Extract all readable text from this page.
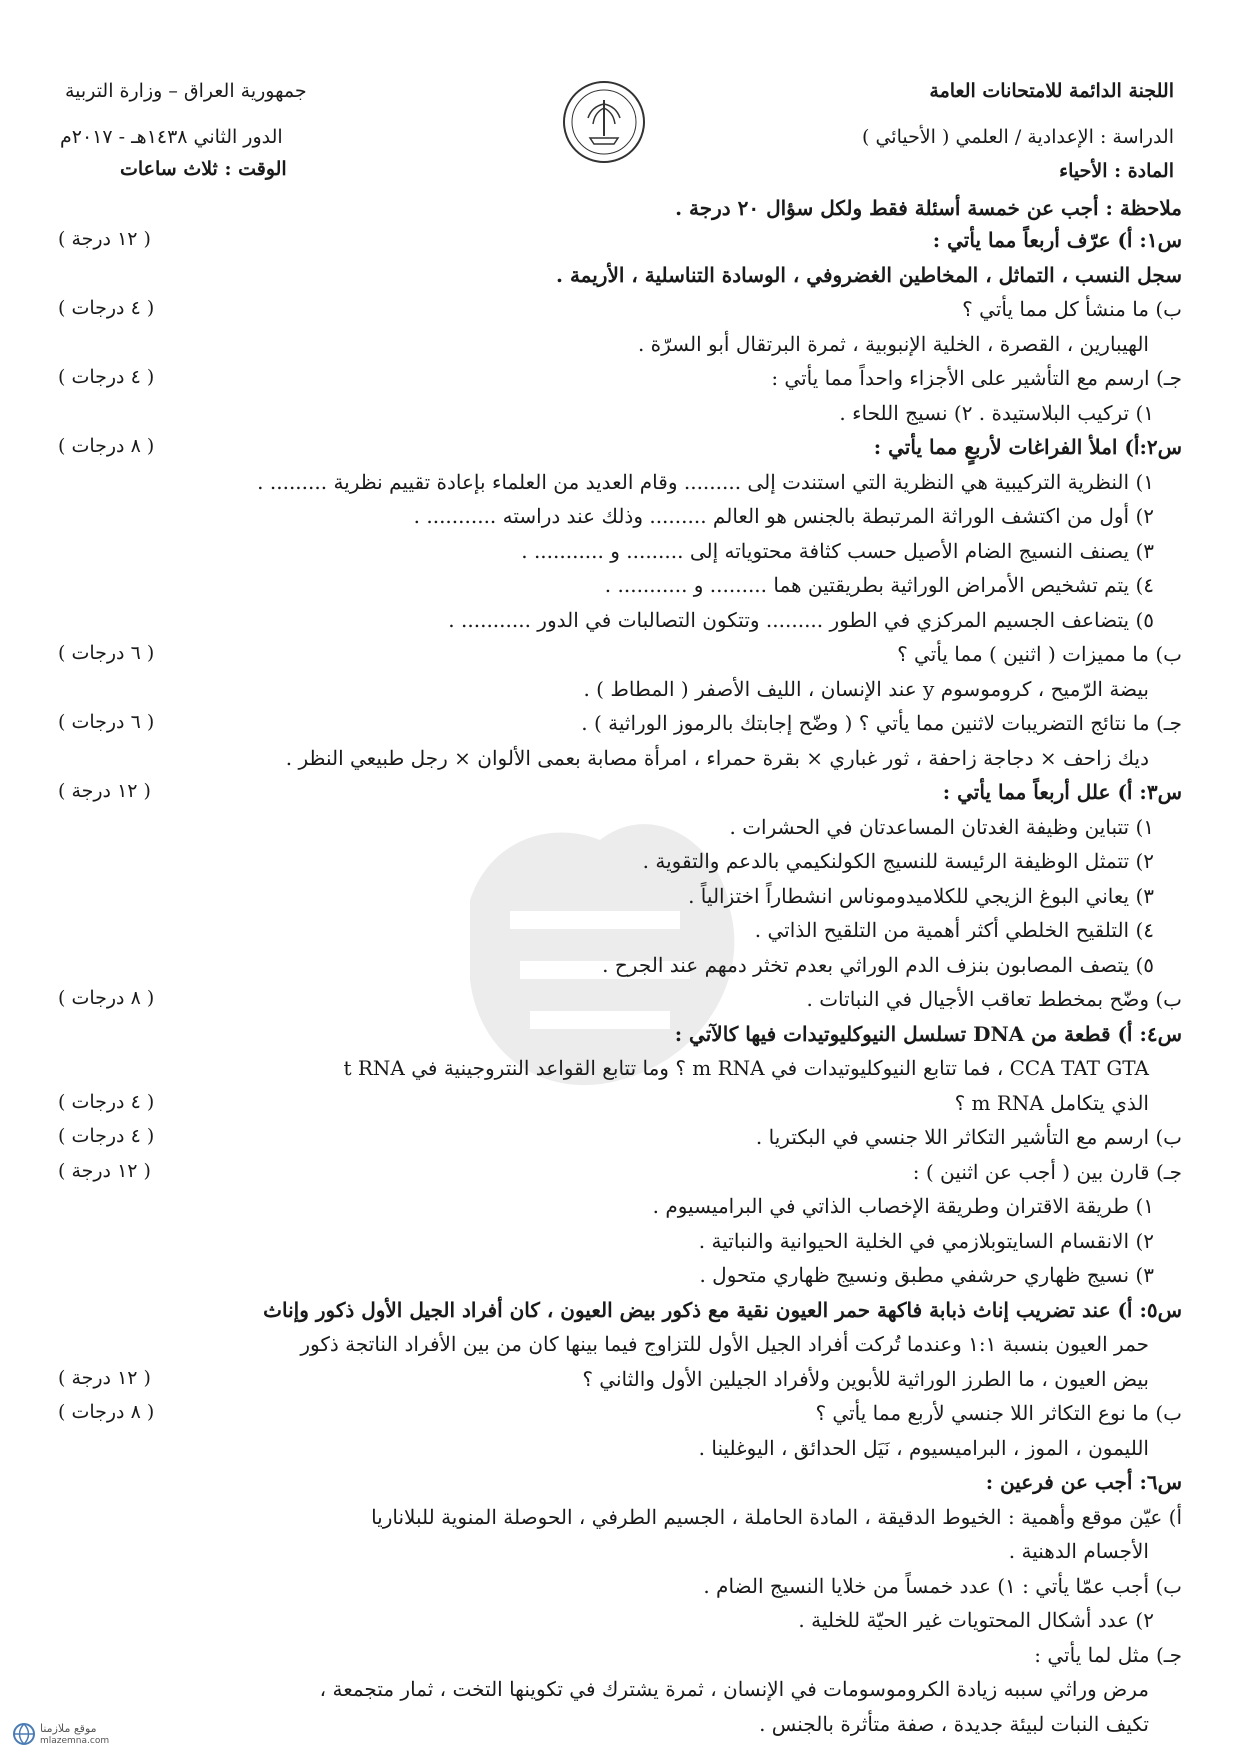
اللجنة الدائمة للامتحانات العامة
الدراسة : الإعدادية / العلمي ( الأحيائي )
المادة : الأحياء
جمهورية العراق – وزارة التربية
الدور الثاني ١٤٣٨هـ - ٢٠١٧م
الوقت : ثلاث ساعات
ملاحظة : أجب عن خمسة أسئلة فقط ولكل سؤال ٢٠ درجة .
س١: أ) عرّف أربعاً مما يأتي :
( ١٢ درجة )
سجل النسب ، التماثل ، المخاطين الغضروفي ، الوسادة التناسلية ، الأريمة .
ب) ما منشأ كل مما يأتي ؟
( ٤ درجات )
الهيبارين ، القصرة ، الخلية الإنبوبية ، ثمرة البرتقال أبو السرّة .
جـ) ارسم مع التأشير على الأجزاء واحداً مما يأتي :
( ٤ درجات )
١) تركيب البلاستيدة . ٢) نسيج اللحاء .
س٢:أ) املأ الفراغات لأربعٍ مما يأتي :
( ٨ درجات )
١) النظرية التركيبية هي النظرية التي استندت إلى ......... وقام العديد من العلماء بإعادة تقييم نظرية ......... .
٢) أول من اكتشف الوراثة المرتبطة بالجنس هو العالم ......... وذلك عند دراسته ........... .
٣) يصنف النسيج الضام الأصيل حسب كثافة محتوياته إلى ......... و ........... .
٤) يتم تشخيص الأمراض الوراثية بطريقتين هما ......... و ........... .
٥) يتضاعف الجسيم المركزي في الطور ......... وتتكون التصالبات في الدور ........... .
ب) ما مميزات ( اثنين ) مما يأتي ؟
( ٦ درجات )
بيضة الرّميح ، كروموسوم y عند الإنسان ، الليف الأصفر ( المطاط ) .
جـ) ما نتائج التضريبات لاثنين مما يأتي ؟ ( وضّح إجابتك بالرموز الوراثية ) .
( ٦ درجات )
ديك زاحف × دجاجة زاحفة ، ثور غباري × بقرة حمراء ، امرأة مصابة بعمى الألوان × رجل طبيعي النظر .
س٣: أ) علل أربعاً مما يأتي :
( ١٢ درجة )
١) تتباين وظيفة الغدتان المساعدتان في الحشرات .
٢) تتمثل الوظيفة الرئيسة للنسيج الكولنكيمي بالدعم والتقوية .
٣) يعاني البوغ الزيجي للكلاميدوموناس انشطاراً اختزالياً .
٤) التلقيح الخلطي أكثر أهمية من التلقيح الذاتي .
٥) يتصف المصابون بنزف الدم الوراثي بعدم تخثر دمهم عند الجرح .
ب) وضّح بمخطط تعاقب الأجيال في النباتات .
( ٨ درجات )
س٤: أ) قطعة من DNA تسلسل النيوكليوتيدات فيها كالآتي :
CCA TAT GTA ، فما تتابع النيوكليوتيدات في m RNA ؟ وما تتابع القواعد النتروجينية في t RNA
الذي يتكامل m RNA ؟
( ٤ درجات )
ب) ارسم مع التأشير التكاثر اللا جنسي في البكتريا .
( ٤ درجات )
جـ) قارن بين ( أجب عن اثنين ) :
( ١٢ درجة )
١) طريقة الاقتران وطريقة الإخصاب الذاتي في البراميسيوم .
٢) الانقسام السايتوبلازمي في الخلية الحيوانية والنباتية .
٣) نسيج ظهاري حرشفي مطبق ونسيج ظهاري متحول .
س٥: أ) عند تضريب إناث ذبابة فاكهة حمر العيون نقية مع ذكور بيض العيون ، كان أفراد الجيل الأول ذكور وإناث
حمر العيون بنسبة ١:١ وعندما تُركت أفراد الجيل الأول للتزاوج فيما بينها كان من بين الأفراد الناتجة ذكور
بيض العيون ، ما الطرز الوراثية للأبوين ولأفراد الجيلين الأول والثاني ؟
( ١٢ درجة )
ب) ما نوع التكاثر اللا جنسي لأربع مما يأتي ؟
( ٨ درجات )
الليمون ، الموز ، البراميسيوم ، نَيَل الحدائق ، اليوغلينا .
س٦: أجب عن فرعين :
أ) عيّن موقع وأهمية : الخيوط الدقيقة ، المادة الحاملة ، الجسيم الطرفي ، الحوصلة المنوية للبلاناريا
الأجسام الدهنية .
ب) أجب عمّا يأتي : ١) عدد خمساً من خلايا النسيج الضام .
٢) عدد أشكال المحتويات غير الحيّة للخلية .
جـ) مثل لما يأتي :
مرض وراثي سببه زيادة الكروموسومات في الإنسان ، ثمرة يشترك في تكوينها التخت ، ثمار متجمعة ،
تكيف النبات لبيئة جديدة ، صفة متأثرة بالجنس .
موقع ملازمنا
mlazemna.com
